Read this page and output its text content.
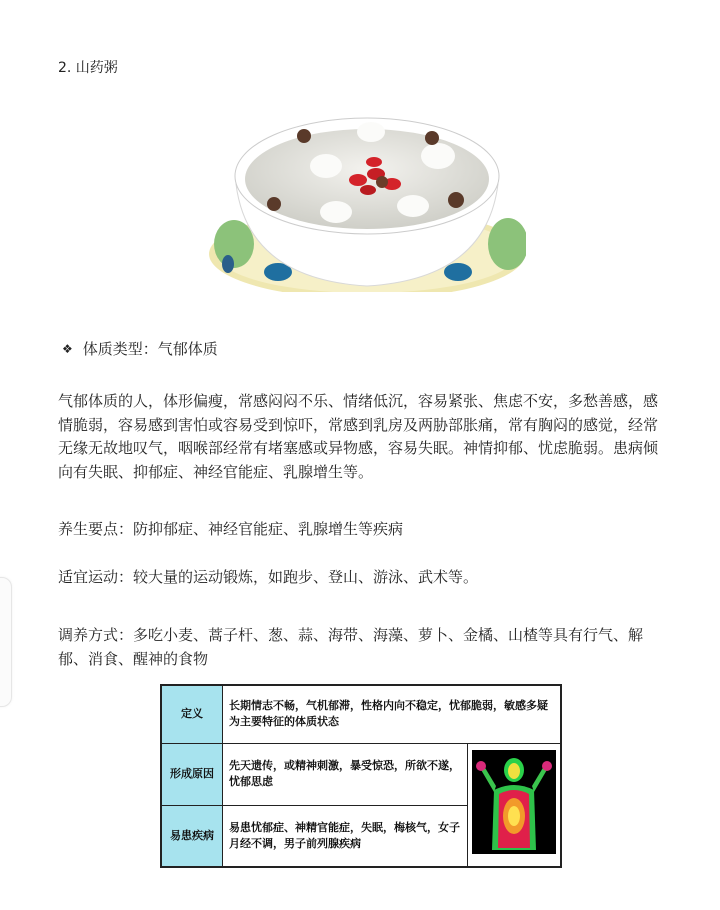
2. 山药粥
❖ 体质类型：气郁体质
气郁体质的人，体形偏瘦，常感闷闷不乐、情绪低沉，容易紧张、焦虑不安，多愁善感，感情脆弱，容易感到害怕或容易受到惊吓，常感到乳房及两胁部胀痛，常有胸闷的感觉，经常无缘无故地叹气，咽喉部经常有堵塞感或异物感，容易失眠。神情抑郁、忧虑脆弱。患病倾向有失眠、抑郁症、神经官能症、乳腺增生等。
养生要点：防抑郁症、神经官能症、乳腺增生等疾病
适宜运动：较大量的运动锻炼，如跑步、登山、游泳、武术等。
调养方式：多吃小麦、蒿子杆、葱、蒜、海带、海藻、萝卜、金橘、山楂等具有行气、解郁、消食、醒神的食物
定义	长期情志不畅，气机郁滞，性格内向不稳定，忧郁脆弱，敏感多疑为主要特征的体质状态	
形成原因	先天遗传，或精神刺激，暴受惊恐，所欲不遂，忧郁思虑	
易患疾病	易患忧郁症、神精官能症，失眠，梅核气，女子月经不调，男子前列腺疾病	
